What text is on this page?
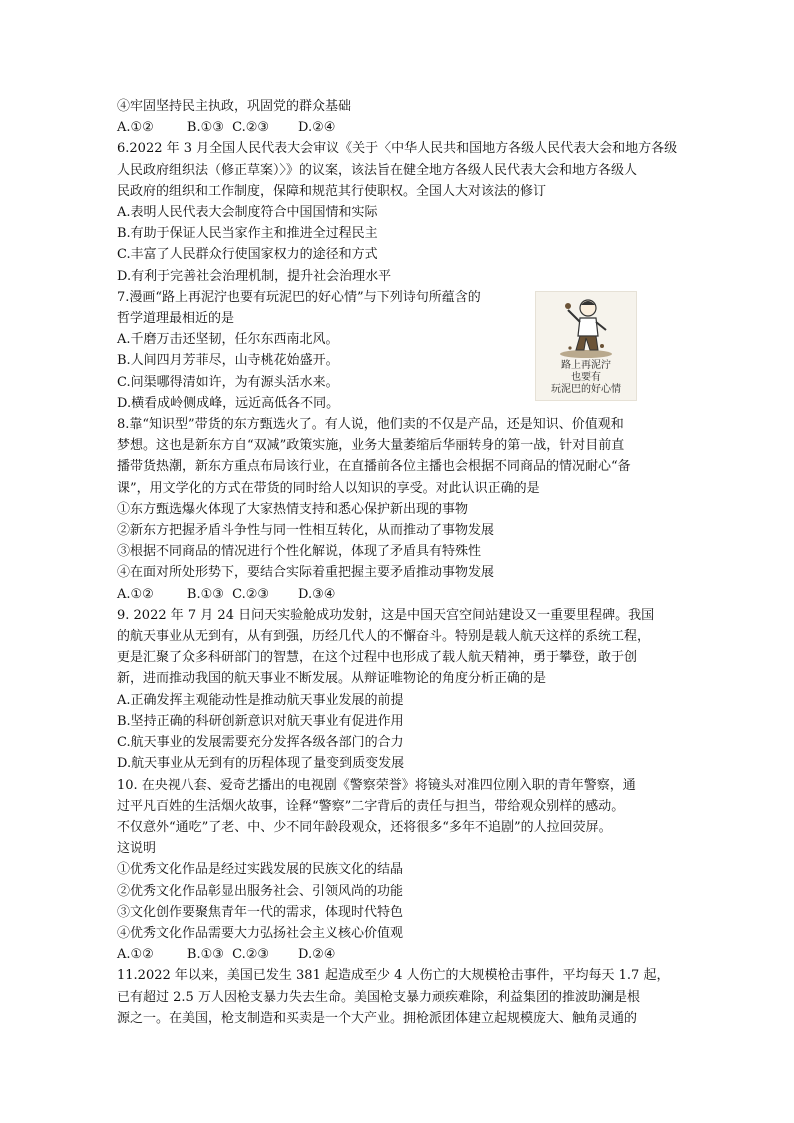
④牢固坚持民主执政，巩固党的群众基础
A.①②        B.①③  C.②③       D.②④
6.2022 年 3 月全国人民代表大会审议《关于〈中华人民共和国地方各级人民代表大会和地方各级
人民政府组织法（修正草案）〉》的议案，该法旨在健全地方各级人民代表大会和地方各级人
民政府的组织和工作制度，保障和规范其行使职权。全国人大对该法的修订
A.表明人民代表大会制度符合中国国情和实际
B.有助于保证人民当家作主和推进全过程民主
C.丰富了人民群众行使国家权力的途径和方式
D.有利于完善社会治理机制，提升社会治理水平
7.漫画“路上再泥泞也要有玩泥巴的好心情”与下列诗句所蕴含的
哲学道理最相近的是
A.千磨万击还坚韧，任尔东西南北风。
B.人间四月芳菲尽，山寺桃花始盛开。
C.问渠哪得清如许，为有源头活水来。
D.横看成岭侧成峰，远近高低各不同。
路上再泥泞
也要有
玩泥巴的好心情
8.靠“知识型”带货的东方甄选火了。有人说，他们卖的不仅是产品，还是知识、价值观和
梦想。这也是新东方自“双减”政策实施，业务大量萎缩后华丽转身的第一战，针对目前直
播带货热潮，新东方重点布局该行业，在直播前各位主播也会根据不同商品的情况耐心“备
课”，用文学化的方式在带货的同时给人以知识的享受。对此认识正确的是
①东方甄选爆火体现了大家热情支持和悉心保护新出现的事物
②新东方把握矛盾斗争性与同一性相互转化，从而推动了事物发展
③根据不同商品的情况进行个性化解说，体现了矛盾具有特殊性
④在面对所处形势下，要结合实际着重把握主要矛盾推动事物发展
A.①②        B.①③  C.②③       D.③④
9. 2022 年 7 月 24 日问天实验舱成功发射，这是中国天宫空间站建设又一重要里程碑。我国
的航天事业从无到有，从有到强，历经几代人的不懈奋斗。特别是载人航天这样的系统工程，
更是汇聚了众多科研部门的智慧，在这个过程中也形成了载人航天精神，勇于攀登，敢于创
新，进而推动我国的航天事业不断发展。从辩证唯物论的角度分析正确的是
A.正确发挥主观能动性是推动航天事业发展的前提
B.坚持正确的科研创新意识对航天事业有促进作用
C.航天事业的发展需要充分发挥各级各部门的合力
D.航天事业从无到有的历程体现了量变到质变发展
10. 在央视八套、爱奇艺播出的电视剧《警察荣誉》将镜头对准四位刚入职的青年警察，通
过平凡百姓的生活烟火故事，诠释“警察”二字背后的责任与担当，带给观众别样的感动。
不仅意外“通吃”了老、中、少不同年龄段观众，还将很多“多年不追剧”的人拉回荧屏。
这说明
①优秀文化作品是经过实践发展的民族文化的结晶
②优秀文化作品彰显出服务社会、引领风尚的功能
③文化创作要聚焦青年一代的需求，体现时代特色
④优秀文化作品需要大力弘扬社会主义核心价值观
A.①②        B.①③  C.②③       D.②④
11.2022 年以来，美国已发生 381 起造成至少 4 人伤亡的大规模枪击事件，平均每天 1.7 起，
已有超过 2.5 万人因枪支暴力失去生命。美国枪支暴力顽疾难除，利益集团的推波助澜是根
源之一。在美国，枪支制造和买卖是一个大产业。拥枪派团体建立起规模庞大、触角灵通的
